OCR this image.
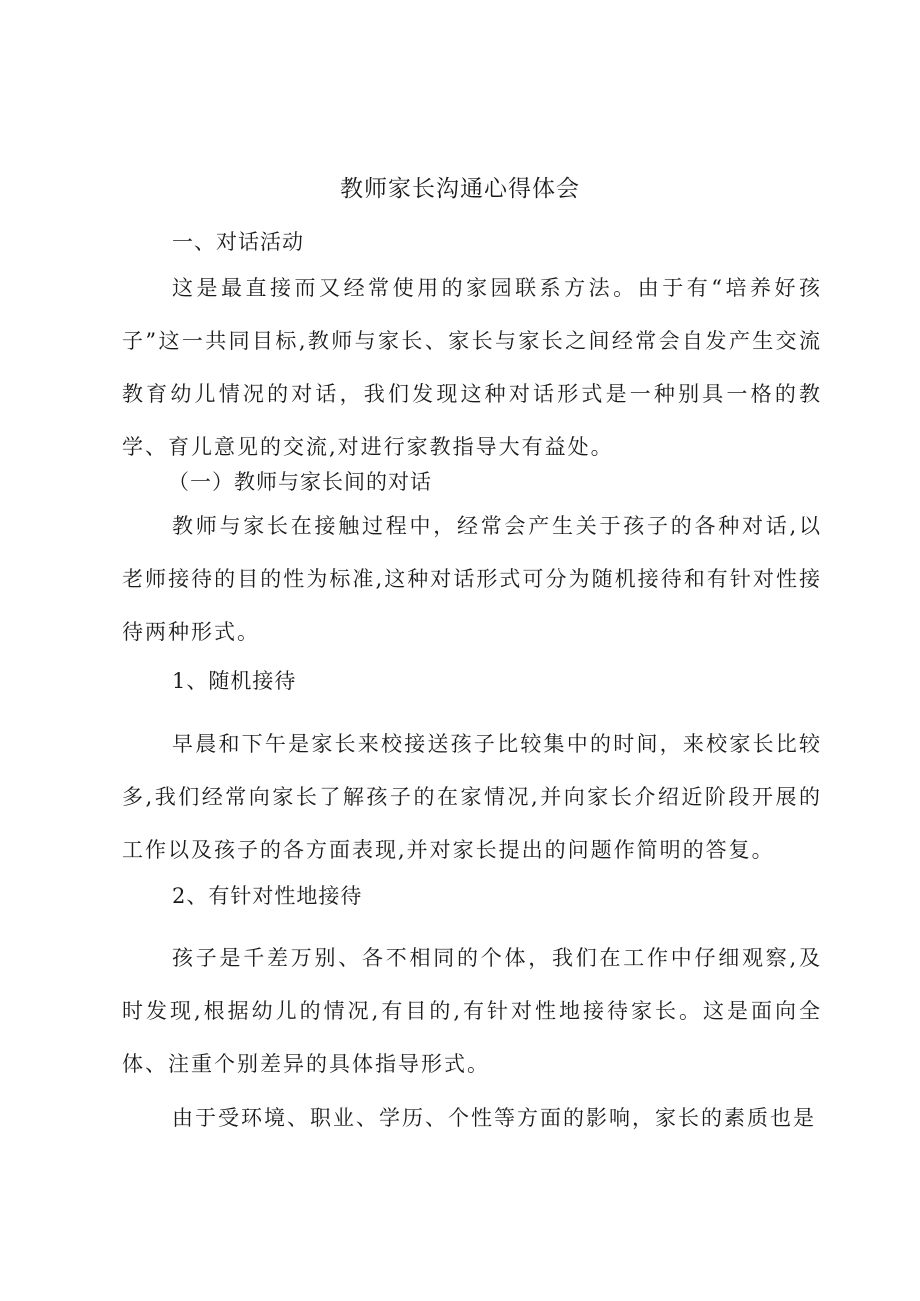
教师家长沟通心得体会
一、对话活动

这是最直接而又经常使用的家园联系方法。由于有“培养好孩子”这一共同目标,教师与家长、家长与家长之间经常会自发产生交流教育幼儿情况的对话，我们发现这种对话形式是一种别具一格的教学、育儿意见的交流,对进行家教指导大有益处。

（一）教师与家长间的对话

教师与家长在接触过程中，经常会产生关于孩子的各种对话,以老师接待的目的性为标准,这种对话形式可分为随机接待和有针对性接待两种形式。

1、随机接待

早晨和下午是家长来校接送孩子比较集中的时间，来校家长比较多,我们经常向家长了解孩子的在家情况,并向家长介绍近阶段开展的工作以及孩子的各方面表现,并对家长提出的问题作简明的答复。

2、有针对性地接待

孩子是千差万别、各不相同的个体，我们在工作中仔细观察,及时发现,根据幼儿的情况,有目的,有针对性地接待家长。这是面向全体、注重个别差异的具体指导形式。

由于受环境、职业、学历、个性等方面的影响，家长的素质也是
